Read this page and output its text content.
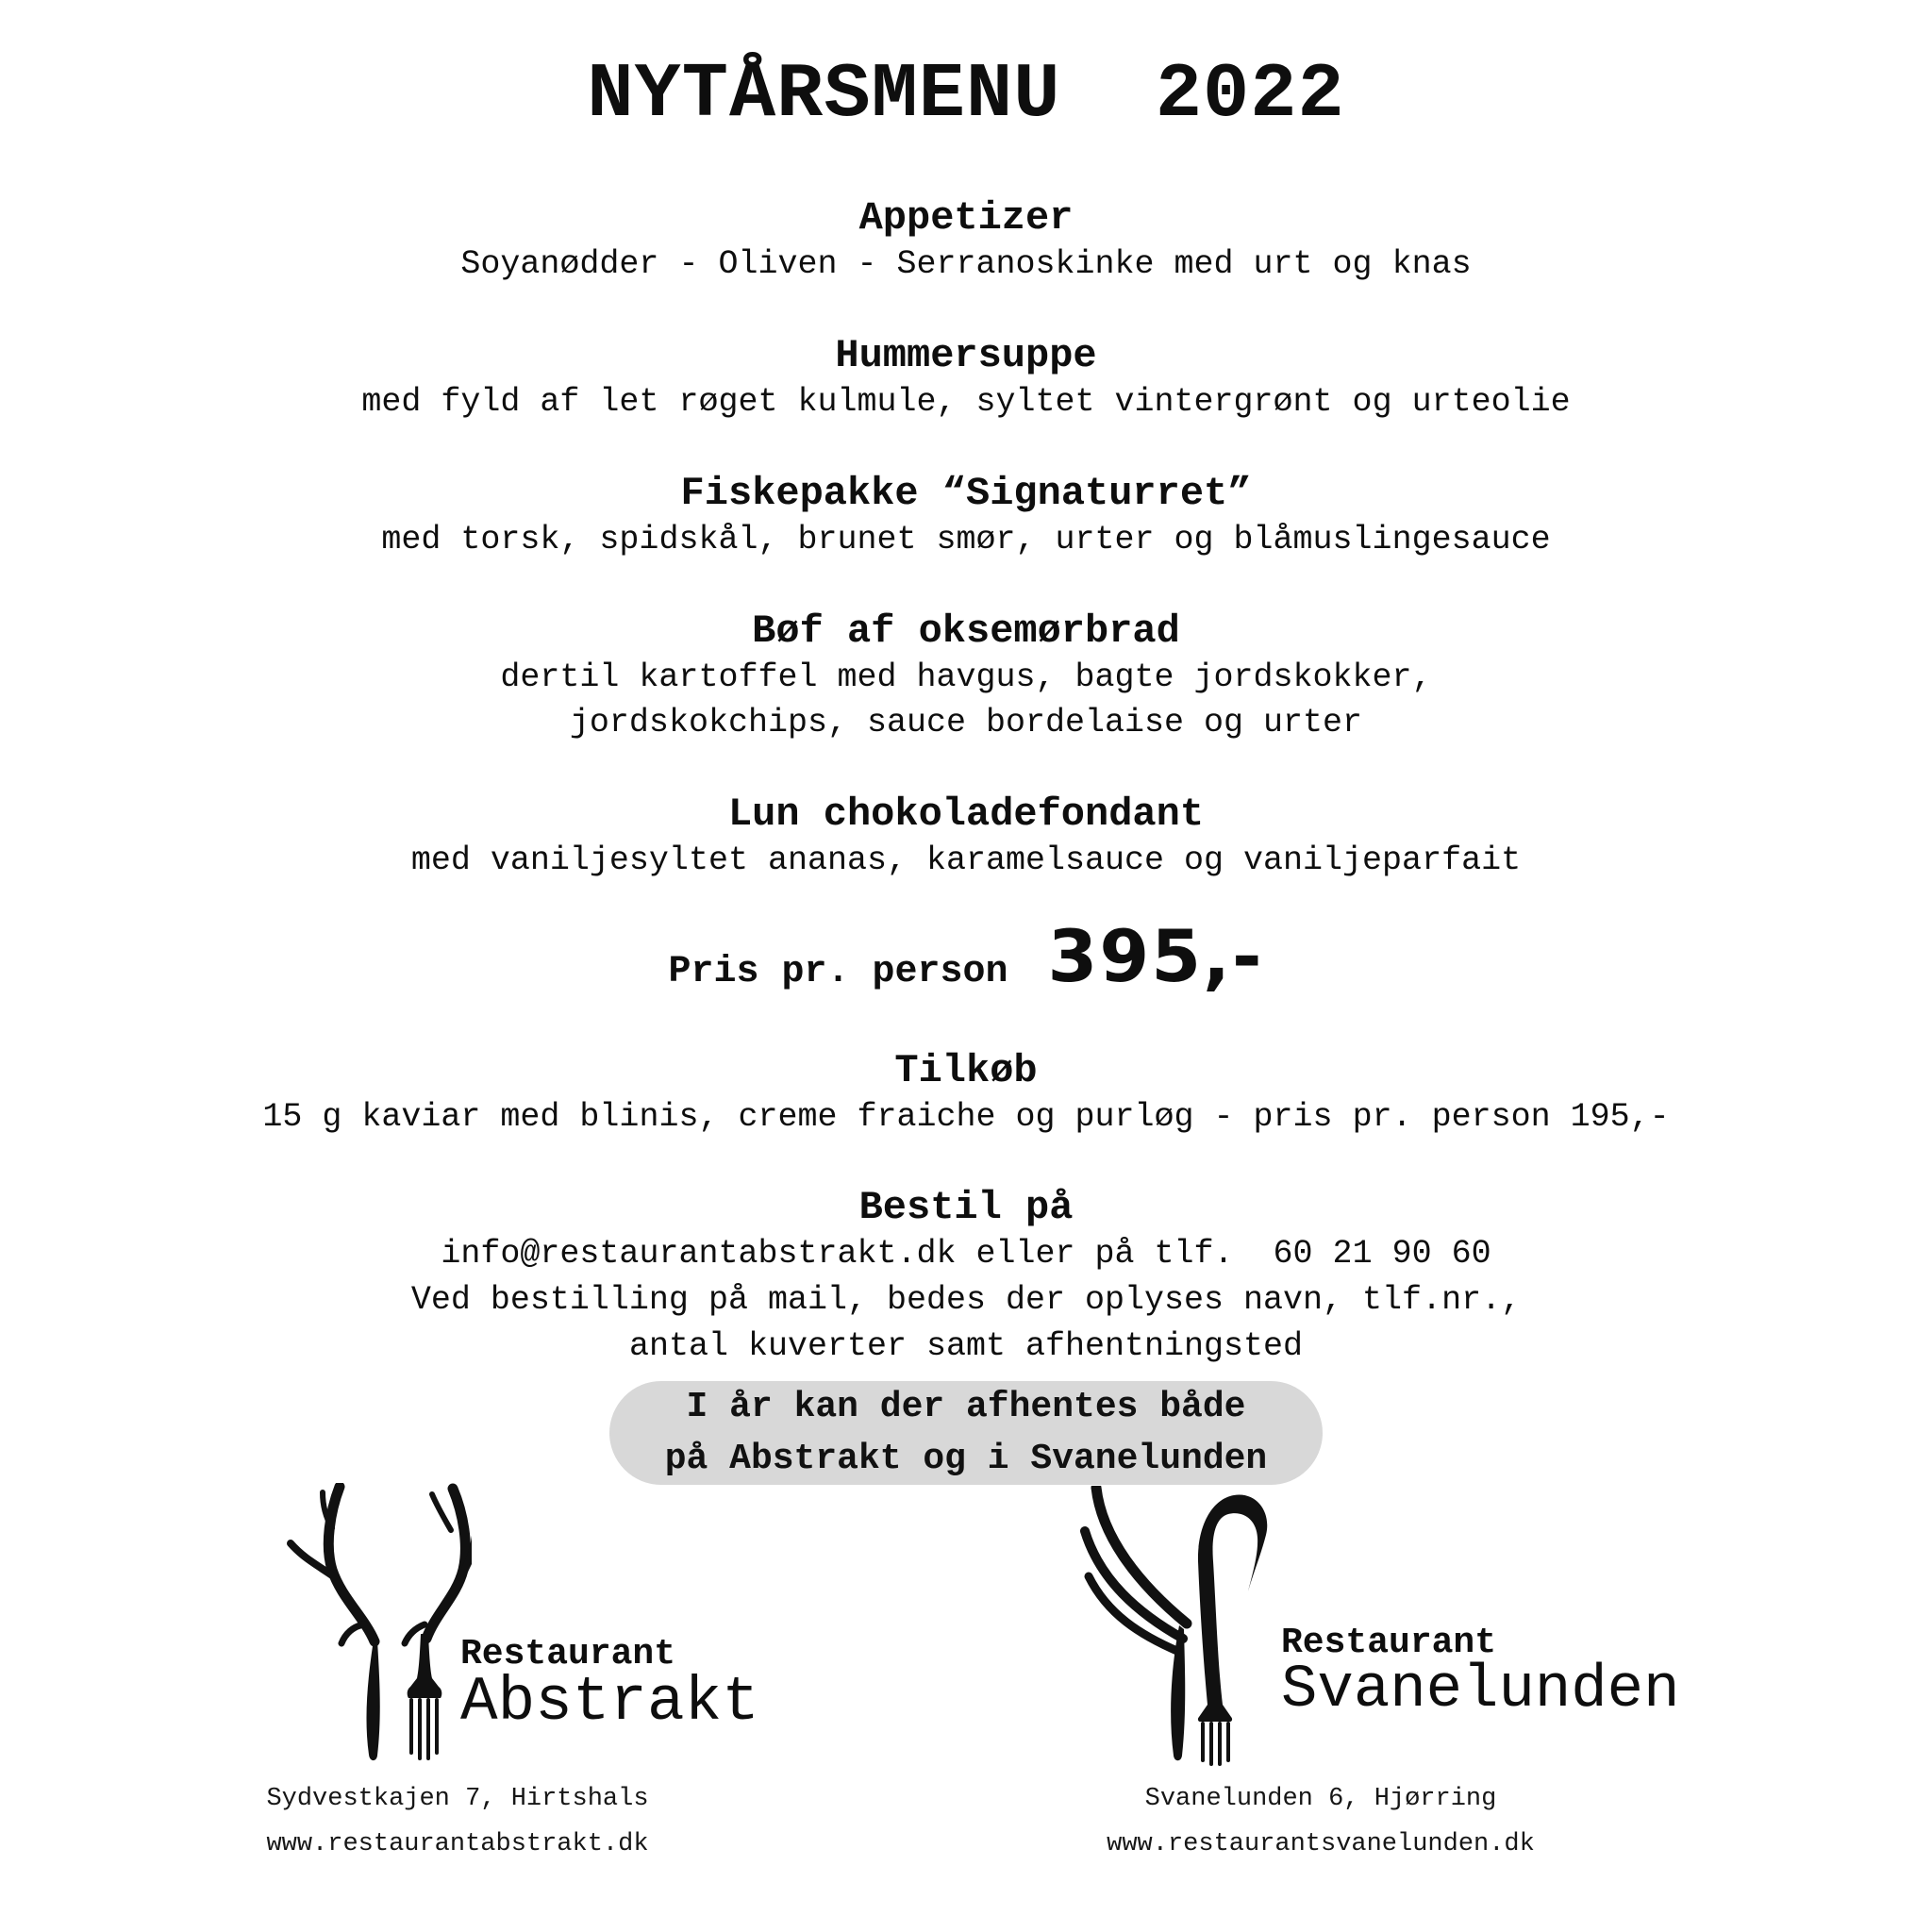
NYTÅRSMENU  2022
Appetizer

Soyanødder - Oliven - Serranoskinke med urt og knas

Hummersuppe

med fyld af let røget kulmule, syltet vintergrønt og urteolie

Fiskepakke “Signaturret”

med torsk, spidskål, brunet smør, urter og blåmuslingesauce

Bøf af oksemørbrad

dertil kartoffel med havgus, bagte jordskokker,

jordskokchips, sauce bordelaise og urter

Lun chokoladefondant

med vaniljesyltet ananas, karamelsauce og vaniljeparfait

Pris pr. person 395,-
Tilkøb

15 g kaviar med blinis, creme fraiche og purløg - pris pr. person 195,-

Bestil på

info@restaurantabstrakt.dk eller på tlf.  60 21 90 60

Ved bestilling på mail, bedes der oplyses navn, tlf.nr.,

antal kuverter samt afhentningsted

I år kan der afhentes både
på Abstrakt og i Svanelunden
Restaurant
Abstrakt
Sydvestkajen 7, Hirtshals
www.restaurantabstrakt.dk
Restaurant
Svanelunden
Svanelunden 6, Hjørring
www.restaurantsvanelunden.dk
